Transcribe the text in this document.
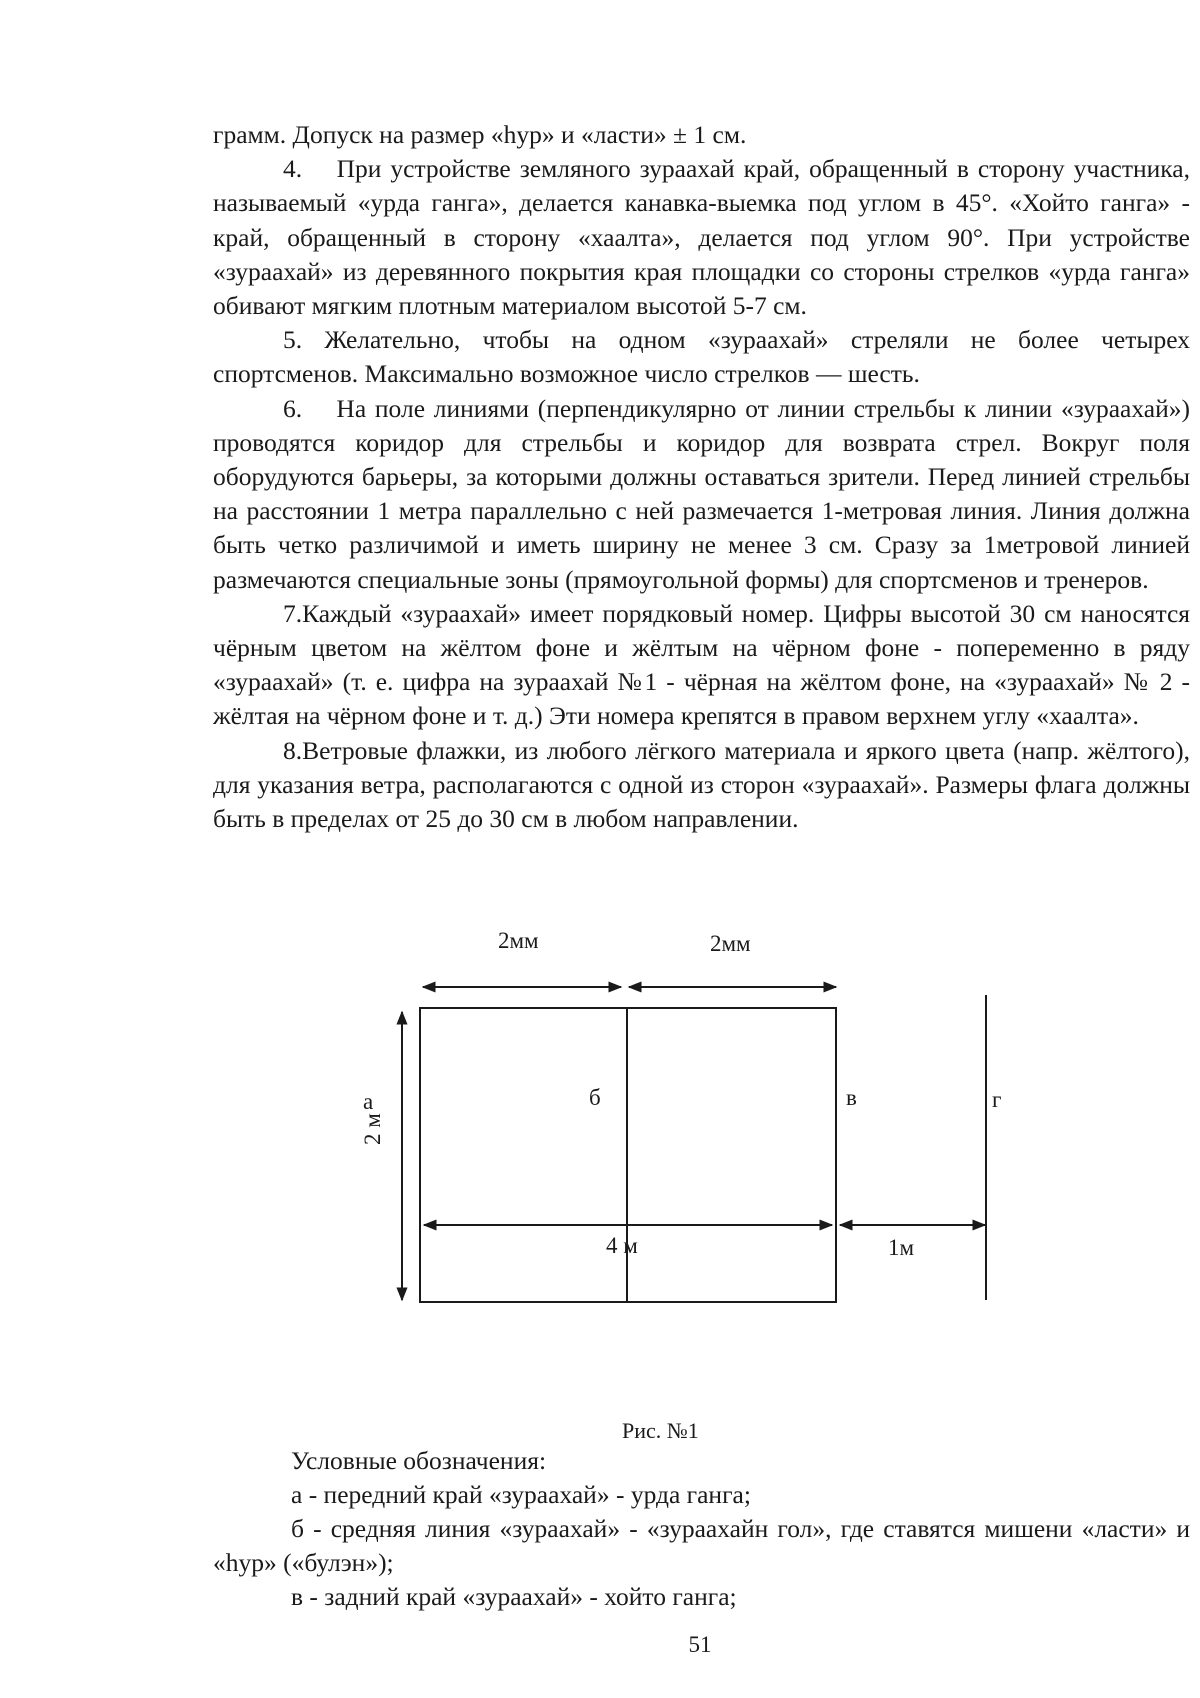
грамм. Допуск на размер «hур» и «ласти» ± 1 см.

4.  При устройстве земляного зураахай край, обращенный в сторону участника, называемый «урда ганга», делается канавка-выемка под углом в 45°. «Хойто ганга» - край, обращенный в сторону «хаалта», делается под углом 90°. При устройстве «зураахай» из деревянного покрытия края площадки со стороны стрелков «урда ганга» обивают мягким плотным материалом высотой 5-7 см.

5. Желательно, чтобы на одном «зураахай» стреляли не более четырех спортсменов. Максимально возможное число стрелков — шесть.

6.  На поле линиями (перпендикулярно от линии стрельбы к линии «зураахай») проводятся коридор для стрельбы и коридор для возврата стрел. Вокруг поля оборудуются барьеры, за которыми должны оставаться зрители. Перед линией стрельбы на расстоянии 1 метра параллельно с ней размечается 1-метровая линия. Линия должна быть четко различимой и иметь ширину не менее 3 см. Сразу за 1метровой линией размечаются специальные зоны (прямоугольной формы) для спортсменов и тренеров.

7.Каждый «зураахай» имеет порядковый номер. Цифры высотой 30 см наносятся чёрным цветом на жёлтом фоне и жёлтым на чёрном фоне - попеременно в ряду «зураахай» (т. е. цифра на зураахай №1 - чёрная на жёлтом фоне, на «зураахай» № 2 - жёлтая на чёрном фоне и т. д.) Эти номера крепятся в правом верхнем углу «хаалта».

8.Ветровые флажки, из любого лёгкого материала и яркого цвета (напр. жёлтого), для указания ветра, располагаются с одной из сторон «зураахай». Размеры флага должны быть в пределах от 25 до 30 см в любом направлении.

2мм	2мм
а	б	в	г
2 м
4 м	1м
Рис. №1

Условные обозначения:

а - передний край «зураахай» - урда ганга;

б - средняя линия «зураахай» - «зураахайн гол», где ставятся мишени «ласти» и «hур» («булэн»);

в - задний край «зураахай» - хойто ганга;

51
